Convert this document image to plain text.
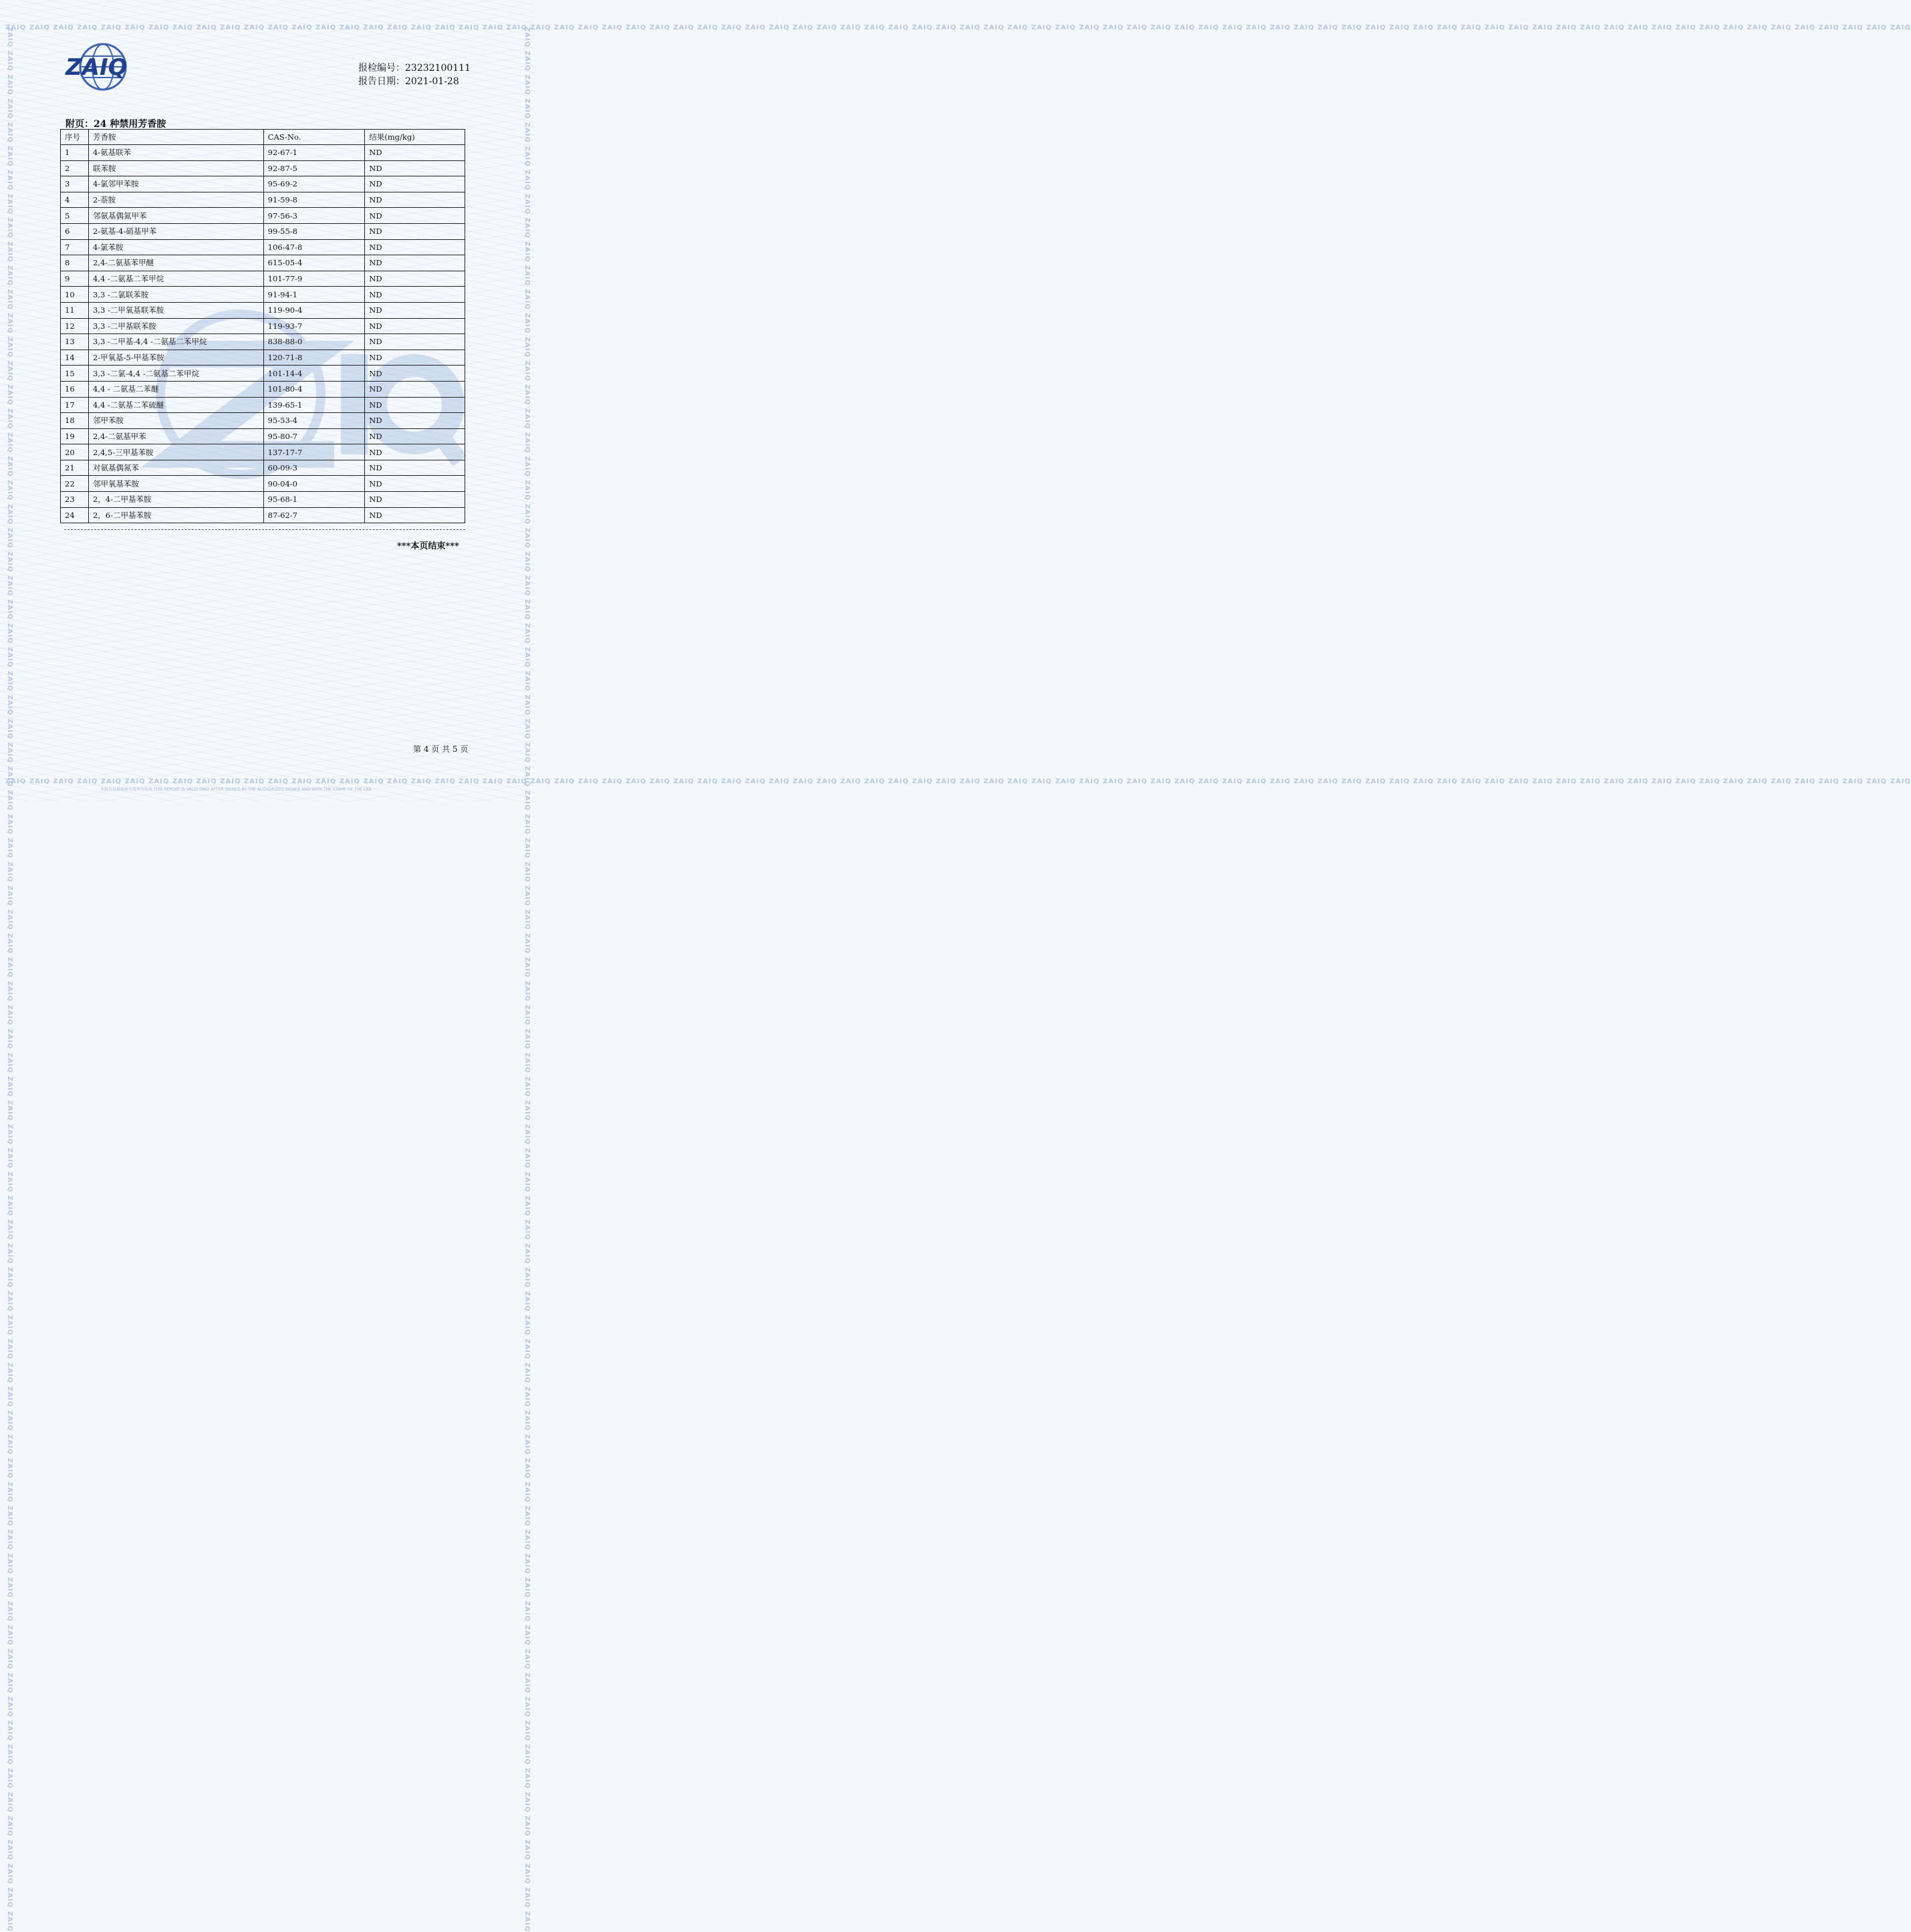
ZAIQ ZAIQ ZAIQ ZAIQ ZAIQ ZAIQ ZAIQ ZAIQ ZAIQ ZAIQ ZAIQ ZAIQ ZAIQ ZAIQ ZAIQ ZAIQ ZAIQ ZAIQ ZAIQ ZAIQ ZAIQ ZAIQ ZAIQ ZAIQ ZAIQ ZAIQ ZAIQ ZAIQ ZAIQ ZAIQ ZAIQ ZAIQ ZAIQ ZAIQ ZAIQ ZAIQ ZAIQ ZAIQ ZAIQ ZAIQ ZAIQ ZAIQ ZAIQ ZAIQ ZAIQ ZAIQ ZAIQ ZAIQ ZAIQ ZAIQ ZAIQ ZAIQ ZAIQ ZAIQ ZAIQ ZAIQ ZAIQ ZAIQ ZAIQ ZAIQ ZAIQ ZAIQ ZAIQ ZAIQ ZAIQ ZAIQ ZAIQ ZAIQ ZAIQ ZAIQ ZAIQ ZAIQ ZAIQ ZAIQ ZAIQ ZAIQ ZAIQ ZAIQ ZAIQ ZAIQ
ZAIQ ZAIQ ZAIQ ZAIQ ZAIQ ZAIQ ZAIQ ZAIQ ZAIQ ZAIQ ZAIQ ZAIQ ZAIQ ZAIQ ZAIQ ZAIQ ZAIQ ZAIQ ZAIQ ZAIQ ZAIQ ZAIQ ZAIQ ZAIQ ZAIQ ZAIQ ZAIQ ZAIQ ZAIQ ZAIQ ZAIQ ZAIQ ZAIQ ZAIQ ZAIQ ZAIQ ZAIQ ZAIQ ZAIQ ZAIQ ZAIQ ZAIQ ZAIQ ZAIQ ZAIQ ZAIQ ZAIQ ZAIQ ZAIQ ZAIQ ZAIQ ZAIQ ZAIQ ZAIQ ZAIQ ZAIQ ZAIQ ZAIQ ZAIQ ZAIQ ZAIQ ZAIQ ZAIQ ZAIQ ZAIQ ZAIQ ZAIQ ZAIQ ZAIQ ZAIQ ZAIQ ZAIQ ZAIQ ZAIQ ZAIQ ZAIQ ZAIQ ZAIQ ZAIQ ZAIQ
ZAIQ ZAIQ ZAIQ ZAIQ ZAIQ ZAIQ ZAIQ ZAIQ ZAIQ ZAIQ ZAIQ ZAIQ ZAIQ ZAIQ ZAIQ ZAIQ ZAIQ ZAIQ ZAIQ ZAIQ ZAIQ ZAIQ ZAIQ ZAIQ ZAIQ ZAIQ ZAIQ ZAIQ ZAIQ ZAIQ ZAIQ ZAIQ ZAIQ ZAIQ ZAIQ ZAIQ ZAIQ ZAIQ ZAIQ ZAIQ ZAIQ ZAIQ ZAIQ ZAIQ ZAIQ ZAIQ ZAIQ ZAIQ ZAIQ ZAIQ ZAIQ ZAIQ ZAIQ ZAIQ ZAIQ ZAIQ ZAIQ ZAIQ ZAIQ ZAIQ ZAIQ ZAIQ ZAIQ ZAIQ ZAIQ ZAIQ ZAIQ ZAIQ ZAIQ ZAIQ ZAIQ ZAIQ ZAIQ ZAIQ ZAIQ ZAIQ ZAIQ ZAIQ ZAIQ ZAIQ	ZAIQ ZAIQ ZAIQ ZAIQ ZAIQ ZAIQ ZAIQ ZAIQ ZAIQ ZAIQ ZAIQ ZAIQ ZAIQ ZAIQ ZAIQ ZAIQ ZAIQ ZAIQ ZAIQ ZAIQ ZAIQ ZAIQ ZAIQ ZAIQ ZAIQ ZAIQ ZAIQ ZAIQ ZAIQ ZAIQ ZAIQ ZAIQ ZAIQ ZAIQ ZAIQ ZAIQ ZAIQ ZAIQ ZAIQ ZAIQ ZAIQ ZAIQ ZAIQ ZAIQ ZAIQ ZAIQ ZAIQ ZAIQ ZAIQ ZAIQ ZAIQ ZAIQ ZAIQ ZAIQ ZAIQ ZAIQ ZAIQ ZAIQ ZAIQ ZAIQ ZAIQ ZAIQ ZAIQ ZAIQ ZAIQ ZAIQ ZAIQ ZAIQ ZAIQ ZAIQ ZAIQ ZAIQ ZAIQ ZAIQ ZAIQ ZAIQ ZAIQ ZAIQ ZAIQ ZAIQ
ZAIQ	报检编号：23232100111
报告日期：2021-01-28
附页：24 种禁用芳香胺
序号	芳香胺	CAS-No.	结果(mg/kg)
1	4-氨基联苯	92-67-1	ND
2	联苯胺	92-87-5	ND
3	4-氯邻甲苯胺	95-69-2	ND
4	2-萘胺	91-59-8	ND
5	邻氨基偶氮甲苯	97-56-3	ND
6	2-氨基-4-硝基甲苯	99-55-8	ND
7	4-氯苯胺	106-47-8	ND
8	2,4-二氨基苯甲醚	615-05-4	ND
9	4,4 -二氨基二苯甲烷	101-77-9	ND
10	3,3 -二氯联苯胺	91-94-1	ND
11	3,3 -二甲氧基联苯胺	119-90-4	ND
12	3,3 -二甲基联苯胺	119-93-7	ND
13	3,3 -二甲基-4,4 -二氨基二苯甲烷	838-88-0	ND
14	2-甲氧基-5-甲基苯胺	120-71-8	ND
15	3,3 -二氯-4,4 -二氨基二苯甲烷	101-14-4	ND
16	4,4 - 二氨基二苯醚	101-80-4	ND
17	4,4 -二氨基二苯硫醚	139-65-1	ND
18	邻甲苯胺	95-53-4	ND
19	2,4-二氨基甲苯	95-80-7	ND
20	2,4,5-三甲基苯胺	137-17-7	ND
21	对氨基偶氮苯	60-09-3	ND
22	邻甲氧基苯胺	90-04-0	ND
23	2，4-二甲基苯胺	95-68-1	ND
24	2，6-二甲基苯胺	87-62-7	ND
***本页结束***
第 4 页 共 5 页
本报告以盖检验专用章为有效 THIS REPORT IS VALID ONLY AFTER SIGNED BY THE AUTHORIZED SIGNER AND WITH THE STAMP OF THE LAB
